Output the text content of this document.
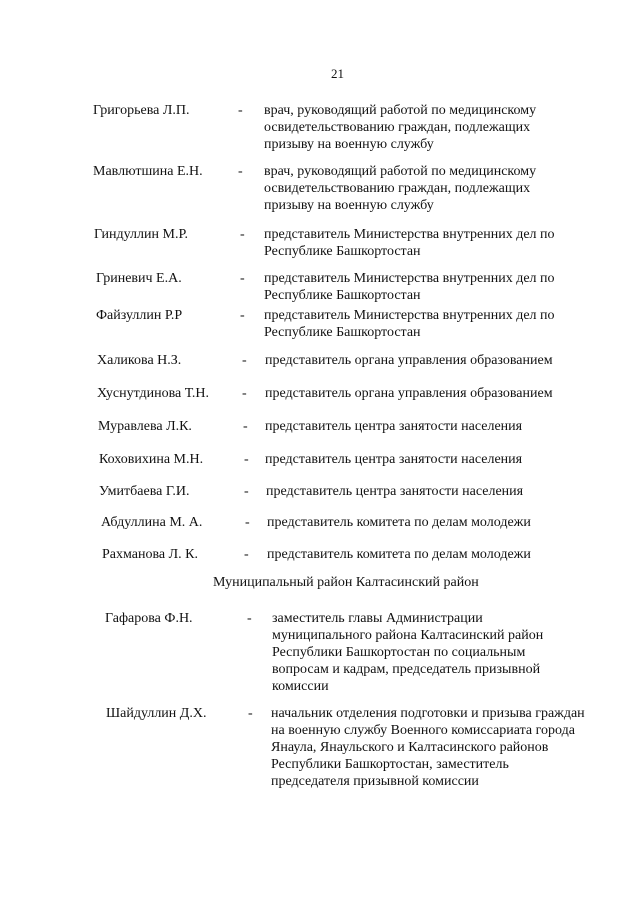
21
Григорьева Л.П.	- врач, руководящий работой по медицинскому
освидетельствованию граждан, подлежащих
призыву на военную службу
Мавлютшина Е.Н.	- врач, руководящий работой по медицинскому
освидетельствованию граждан, подлежащих
призыву на военную службу
Гиндуллин М.Р.	- представитель Министерства внутренних дел по
Республике Башкортостан
Гриневич Е.А.	- представитель Министерства внутренних дел по
Республике Башкортостан
Файзуллин Р.Р	- представитель Министерства внутренних дел по
Республике Башкортостан
Халикова Н.З.	- представитель органа управления образованием
Хуснутдинова Т.Н. - представитель органа управления образованием
Муравлева Л.К.	- представитель центра занятости населения
Коховихина М.Н.	- представитель центра занятости населения
Умитбаева Г.И.	- представитель центра занятости населения
Абдуллина М. А.	- представитель комитета по делам молодежи
Рахманова Л. К.	- представитель комитета по делам молодежи
Муниципальный район Калтасинский район
Гафарова Ф.Н.	- заместитель главы Администрации
муниципального района Калтасинский район
Республики Башкортостан по социальным
вопросам и кадрам, председатель призывной
комиссии
Шайдуллин Д.Х.	- начальник отделения подготовки и призыва граждан
на военную службу Военного комиссариата города
Янаула, Янаульского и Калтасинского районов
Республики Башкортостан, заместитель
председателя призывной комиссии
